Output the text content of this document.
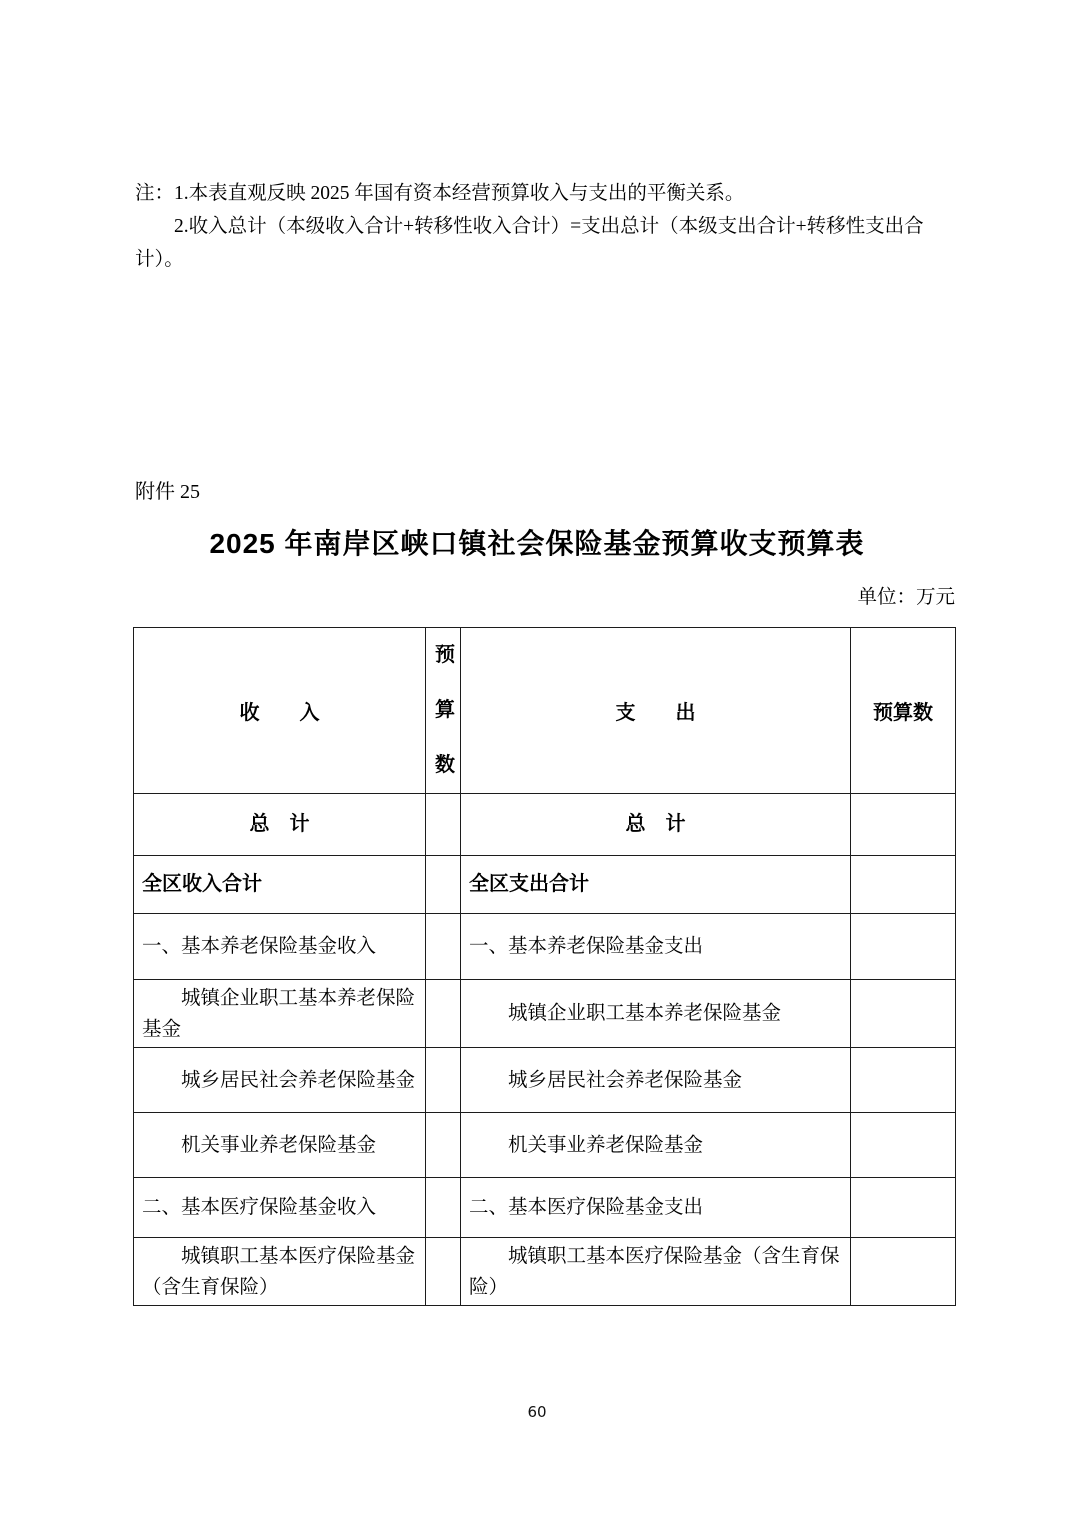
注：1.本表直观反映 2025 年国有资本经营预算收入与支出的平衡关系。

2.收入总计（本级收入合计+转移性收入合计）=支出总计（本级支出合计+转移性支出合计）。

附件 25

2025 年南岸区峡口镇社会保险基金预算收支预算表

单位：万元

收　　入	预算数	支　　出	预算数
总　计		总　计	
全区收入合计		全区支出合计	
一、基本养老保险基金收入		一、基本养老保险基金支出	
城镇企业职工基本养老保险基金		城镇企业职工基本养老保险基金	
城乡居民社会养老保险基金		城乡居民社会养老保险基金	
机关事业养老保险基金		机关事业养老保险基金	
二、基本医疗保险基金收入		二、基本医疗保险基金支出	
城镇职工基本医疗保险基金（含生育保险）		城镇职工基本医疗保险基金（含生育保险）	
60
